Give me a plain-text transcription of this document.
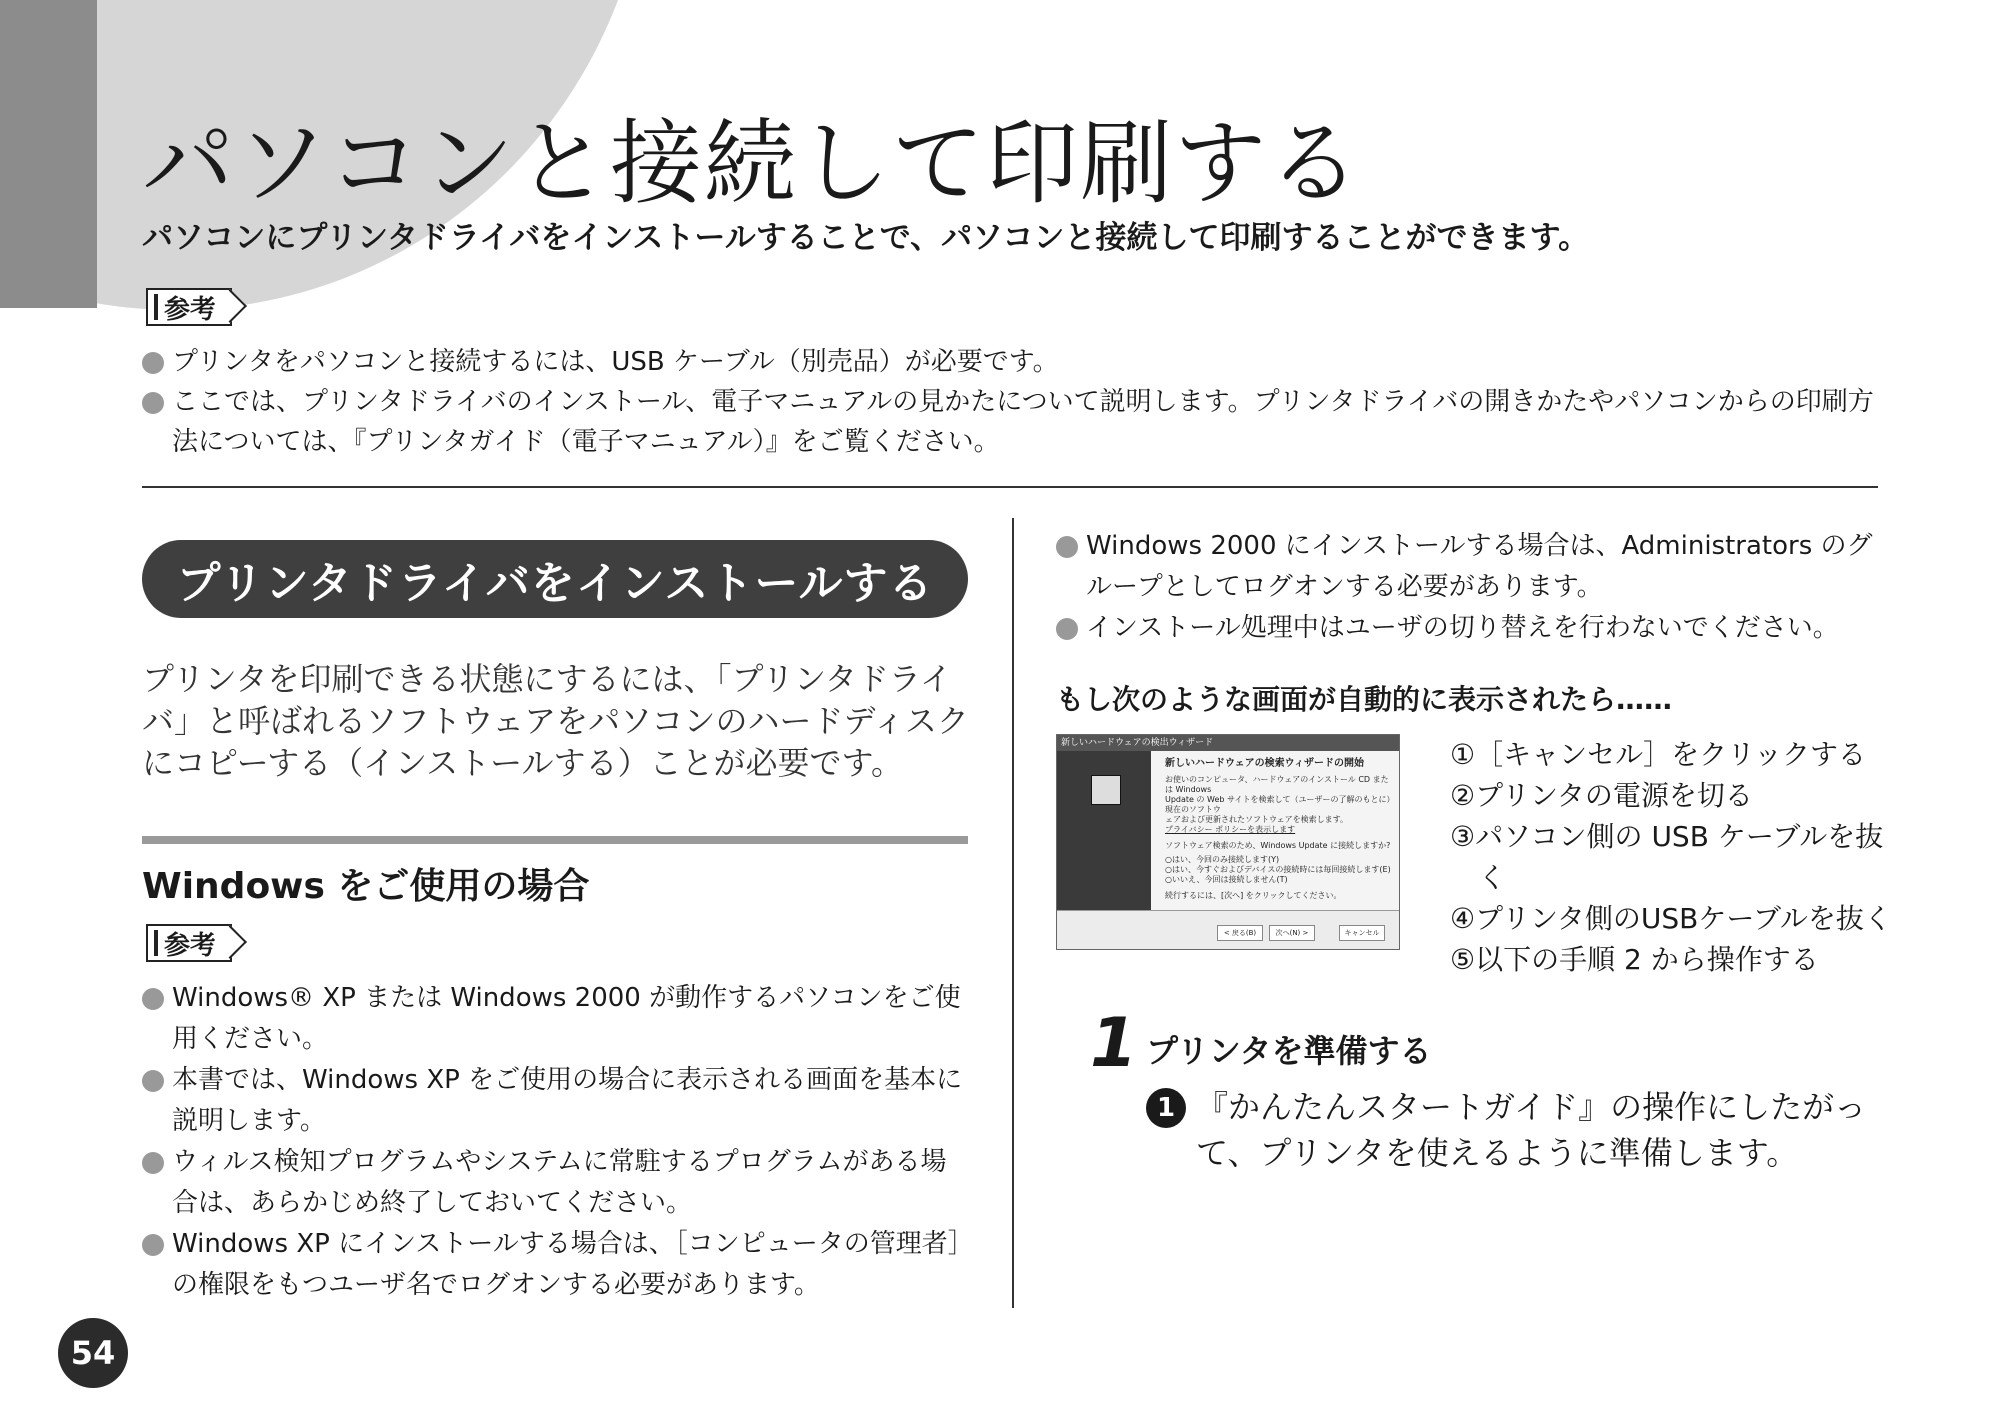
パソコンと接続して印刷する
パソコンにプリンタドライバをインストールすることで、パソコンと接続して印刷することができます。
参考
プリンタをパソコンと接続するには、USB ケーブル（別売品）が必要です。
ここでは、プリンタドライバのインストール、電子マニュアルの見かたについて説明します。プリンタドライバの開きかたやパソコンからの印刷方法については、『プリンタガイド（電子マニュアル）』をご覧ください。
プリンタドライバをインストールする
プリンタを印刷できる状態にするには、「プリンタドライバ」と呼ばれるソフトウェアをパソコンのハードディスクにコピーする（インストールする）ことが必要です。
Windows をご使用の場合
参考
Windows® XP または Windows 2000 が動作するパソコンをご使用ください。
本書では、Windows XP をご使用の場合に表示される画面を基本に説明します。
ウィルス検知プログラムやシステムに常駐するプログラムがある場合は、あらかじめ終了しておいてください。
Windows XP にインストールする場合は、［コンピュータの管理者］の権限をもつユーザ名でログオンする必要があります。
54
Windows 2000 にインストールする場合は、Administrators のグループとしてログオンする必要があります。
インストール処理中はユーザの切り替えを行わないでください。
もし次のような画面が自動的に表示されたら……
新しいハードウェアの検出ウィザード
新しいハードウェアの検索ウィザードの開始
お使いのコンピュータ、ハードウェアのインストール CD または Windows
Update の Web サイトを検索して（ユーザーの了解のもとに）現在のソフトウ
ェアおよび更新されたソフトウェアを検索します。
プライバシー ポリシーを表示します
ソフトウェア検索のため、Windows Update に接続しますか?
○はい、今回のみ接続します(Y)
○はい、今すぐおよびデバイスの接続時には毎回接続します(E)
○いいえ、今回は接続しません(T)
続行するには、[次へ] をクリックしてください。
< 戻る(B)	次へ(N) >	キャンセル
①［キャンセル］をクリックする
②プリンタの電源を切る
③パソコン側の USB ケーブルを抜
　く
④プリンタ側のUSBケーブルを抜く
⑤以下の手順 2 から操作する
1 プリンタを準備する
1 『かんたんスタートガイド』の操作にしたがって、プリンタを使えるように準備します。
